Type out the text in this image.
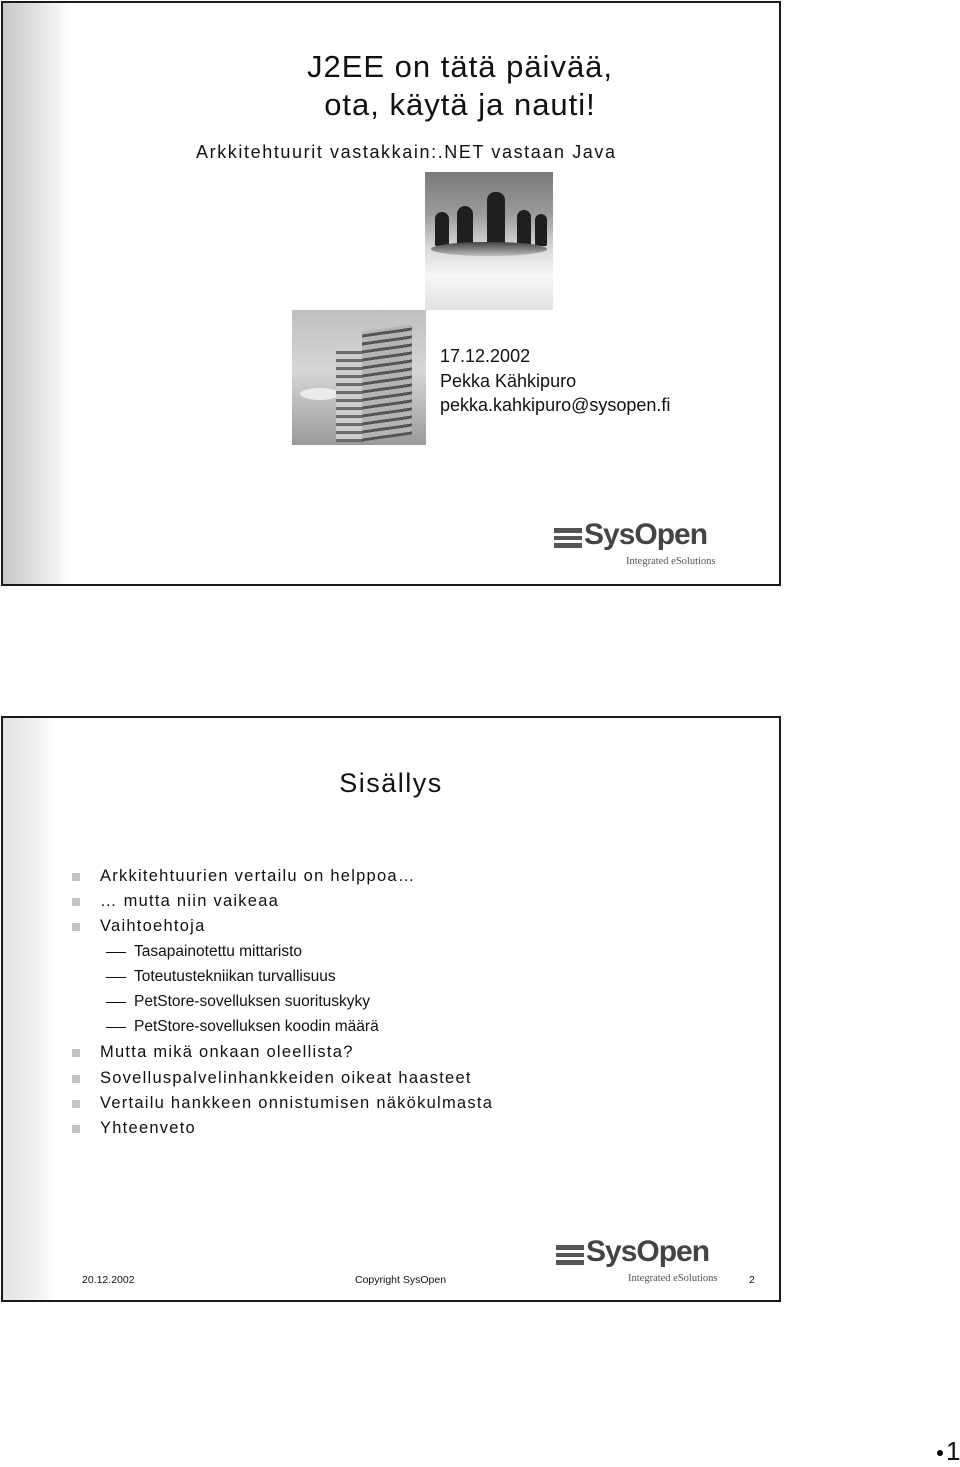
J2EE on tätä päivää,
ota, käytä ja nauti!

Arkkitehtuurit vastakkain:.NET vastaan Java

17.12.2002
Pekka Kähkipuro
pekka.kahkipuro@sysopen.fi
SysOpen
Integrated eSolutions
Sisällys
Arkkitehtuurien vertailu on helppoa…
… mutta niin vaikeaa
Vaihtoehtoja
Tasapainotettu mittaristo
Toteutustekniikan turvallisuus
PetStore-sovelluksen suorituskyky
PetStore-sovelluksen koodin määrä
Mutta mikä onkaan oleellista?
Sovelluspalvelinhankkeiden oikeat haasteet
Vertailu hankkeen onnistumisen näkökulmasta
Yhteenveto
SysOpen
Integrated eSolutions
20.12.2002	Copyright SysOpen	2
1
